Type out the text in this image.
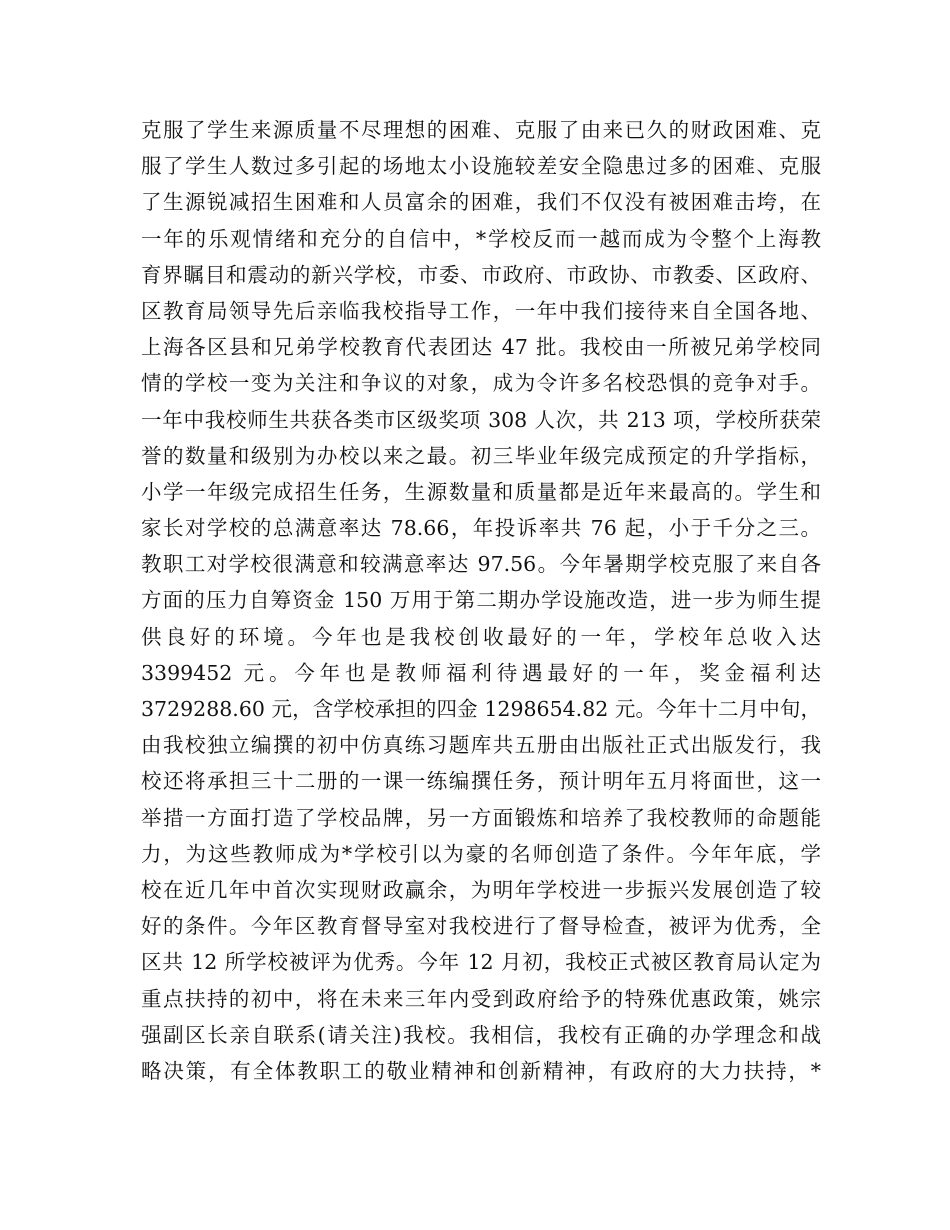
克服了学生来源质量不尽理想的困难、克服了由来已久的财政困难、克
服了学生人数过多引起的场地太小设施较差安全隐患过多的困难、克服
了生源锐减招生困难和人员富余的困难，我们不仅没有被困难击垮，在
一年的乐观情绪和充分的自信中，*学校反而一越而成为令整个上海教
育界瞩目和震动的新兴学校，市委、市政府、市政协、市教委、区政府、
区教育局领导先后亲临我校指导工作，一年中我们接待来自全国各地、
上海各区县和兄弟学校教育代表团达 47 批。我校由一所被兄弟学校同
情的学校一变为关注和争议的对象，成为令许多名校恐惧的竞争对手。
一年中我校师生共获各类市区级奖项 308 人次，共 213 项，学校所获荣
誉的数量和级别为办校以来之最。初三毕业年级完成预定的升学指标，
小学一年级完成招生任务，生源数量和质量都是近年来最高的。学生和
家长对学校的总满意率达 78.66，年投诉率共 76 起，小于千分之三。
教职工对学校很满意和较满意率达 97.56。今年暑期学校克服了来自各
方面的压力自筹资金 150 万用于第二期办学设施改造，进一步为师生提
供良好的环境。今年也是我校创收最好的一年，学校年总收入达
3399452 元。今年也是教师福利待遇最好的一年，奖金福利达
3729288.60 元，含学校承担的四金 1298654.82 元。今年十二月中旬，
由我校独立编撰的初中仿真练习题库共五册由出版社正式出版发行，我
校还将承担三十二册的一课一练编撰任务，预计明年五月将面世，这一
举措一方面打造了学校品牌，另一方面锻炼和培养了我校教师的命题能
力，为这些教师成为*学校引以为豪的名师创造了条件。今年年底，学
校在近几年中首次实现财政赢余，为明年学校进一步振兴发展创造了较
好的条件。今年区教育督导室对我校进行了督导检查，被评为优秀，全
区共 12 所学校被评为优秀。今年 12 月初，我校正式被区教育局认定为
重点扶持的初中，将在未来三年内受到政府给予的特殊优惠政策，姚宗
强副区长亲自联系(请关注)我校。我相信，我校有正确的办学理念和战
略决策，有全体教职工的敬业精神和创新精神，有政府的大力扶持，*
